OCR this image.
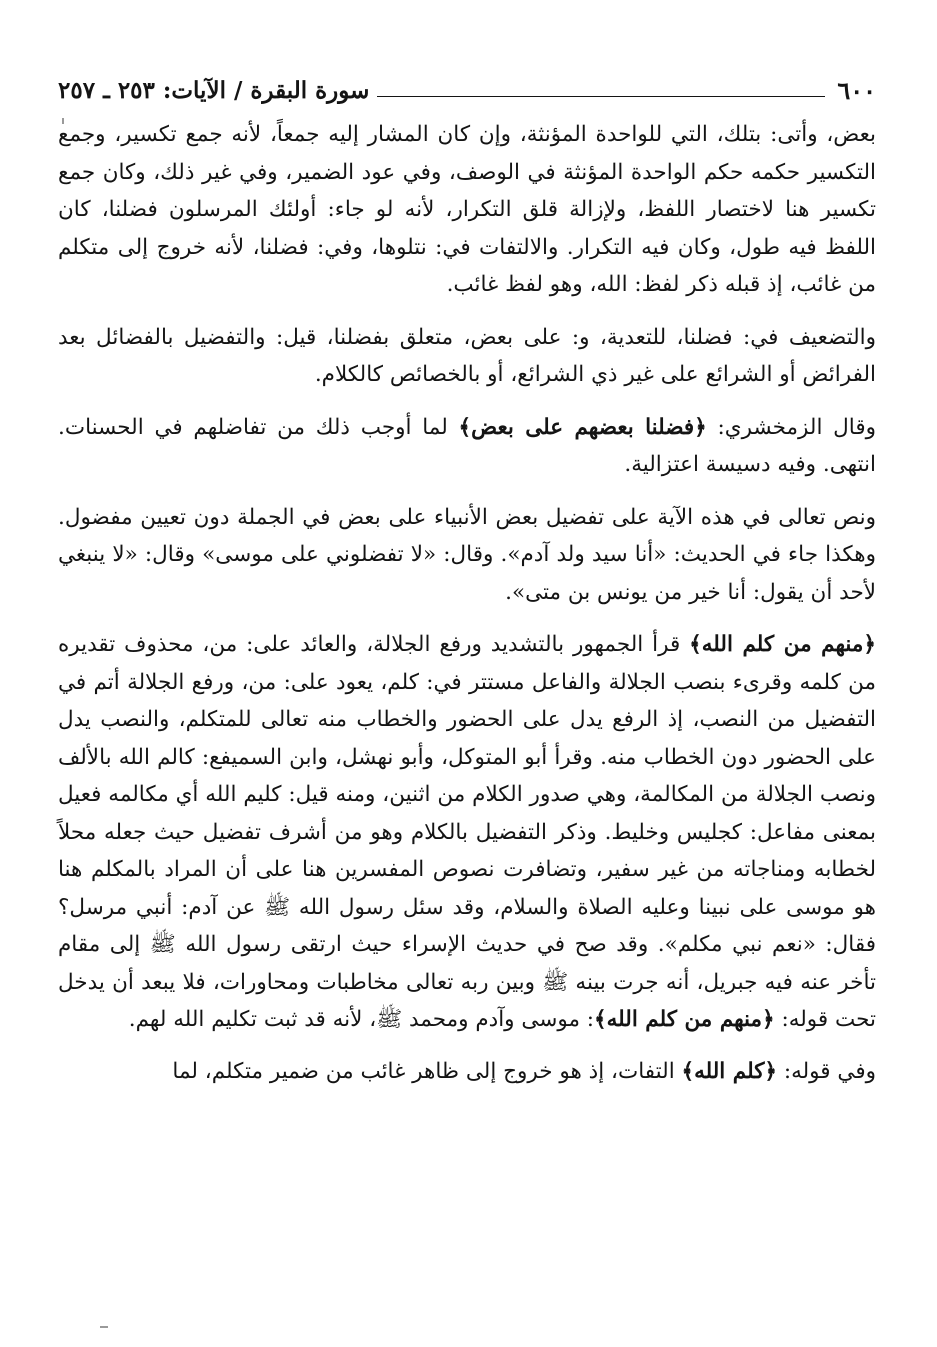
٦٠٠
سورة البقرة / الآيات: ٢٥٣ ـ ٢٥٧

بعض، وأتى: بتلك، التي للواحدة المؤنثة، وإن كان المشار إليه جمعاً، لأنه جمع تكسير، وجمع التكسير حكمه حكم الواحدة المؤنثة في الوصف، وفي عود الضمير، وفي غير ذلك، وكان جمع تكسير هنا لاختصار اللفظ، ولإزالة قلق التكرار، لأنه لو جاء: أولئك المرسلون فضلنا، كان اللفظ فيه طول، وكان فيه التكرار. والالتفات في: نتلوها، وفي: فضلنا، لأنه خروج إلى متكلم من غائب، إذ قبله ذكر لفظ: الله، وهو لفظ غائب.

والتضعيف في: فضلنا، للتعدية، و: على بعض، متعلق بفضلنا، قيل: والتفضيل بالفضائل بعد الفرائض أو الشرائع على غير ذي الشرائع، أو بالخصائص كالكلام.

وقال الزمخشري: ﴿فضلنا بعضهم على بعض﴾ لما أوجب ذلك من تفاضلهم في الحسنات. انتهى. وفيه دسيسة اعتزالية.

ونص تعالى في هذه الآية على تفضيل بعض الأنبياء على بعض في الجملة دون تعيين مفضول. وهكذا جاء في الحديث: «أنا سيد ولد آدم». وقال: «لا تفضلوني على موسى» وقال: «لا ينبغي لأحد أن يقول: أنا خير من يونس بن متى».

﴿منهم من كلم الله﴾ قرأ الجمهور بالتشديد ورفع الجلالة، والعائد على: من، محذوف تقديره من كلمه وقرىء بنصب الجلالة والفاعل مستتر في: كلم، يعود على: من، ورفع الجلالة أتم في التفضيل من النصب، إذ الرفع يدل على الحضور والخطاب منه تعالى للمتكلم، والنصب يدل على الحضور دون الخطاب منه. وقرأ أبو المتوكل، وأبو نهشل، وابن السميفع: كالم الله بالألف ونصب الجلالة من المكالمة، وهي صدور الكلام من اثنين، ومنه قيل: كليم الله أي مكالمه فعيل بمعنى مفاعل: كجليس وخليط. وذكر التفضيل بالكلام وهو من أشرف تفضيل حيث جعله محلاً لخطابه ومناجاته من غير سفير، وتضافرت نصوص المفسرين هنا على أن المراد بالمكلم هنا هو موسى على نبينا وعليه الصلاة والسلام، وقد سئل رسول الله ﷺ عن آدم: أنبي مرسل؟ فقال: «نعم نبي مكلم». وقد صح في حديث الإسراء حيث ارتقى رسول الله ﷺ إلى مقام تأخر عنه فيه جبريل، أنه جرت بينه ﷺ وبين ربه تعالى مخاطبات ومحاورات، فلا يبعد أن يدخل تحت قوله: ﴿منهم من كلم الله﴾: موسى وآدم ومحمد ﷺ، لأنه قد ثبت تكليم الله لهم.

وفي قوله: ﴿كلم الله﴾ التفات، إذ هو خروج إلى ظاهر غائب من ضمير متكلم، لما
